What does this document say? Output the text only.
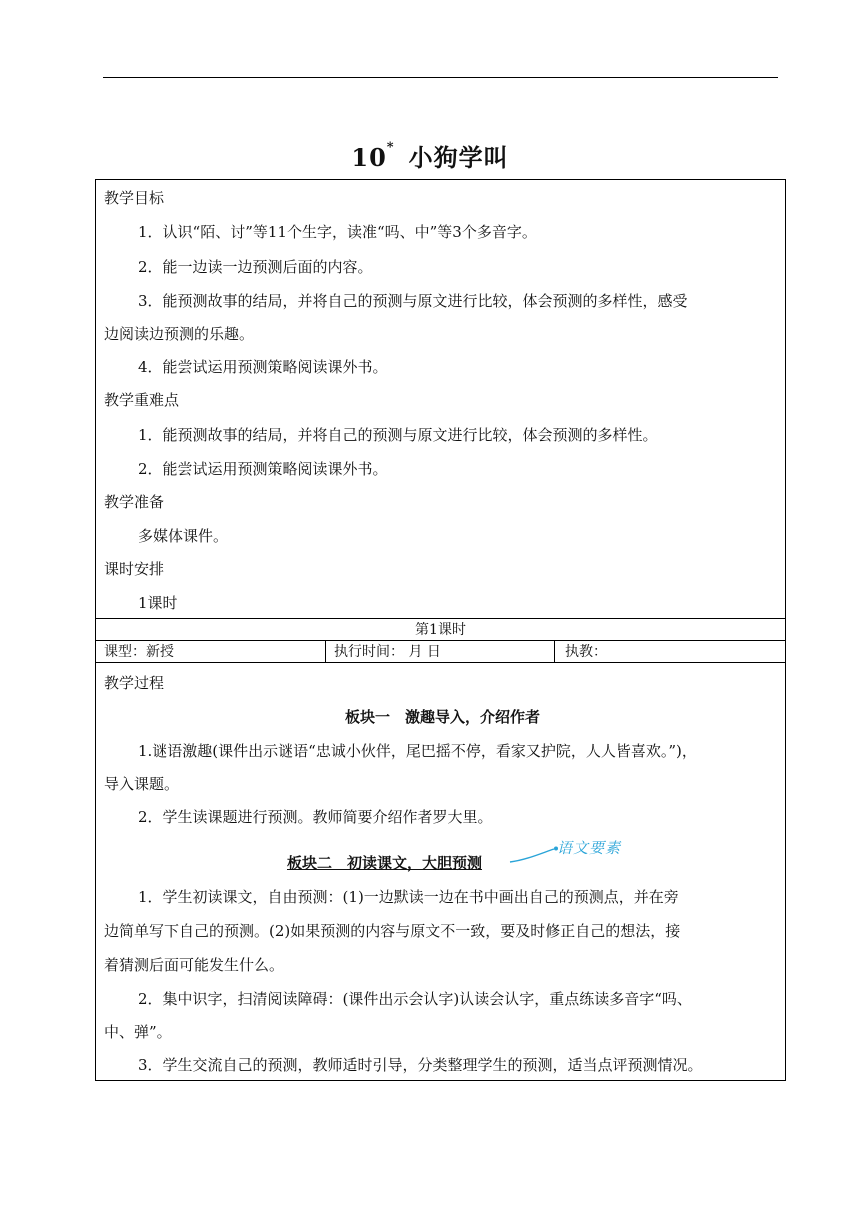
10* 小狗学叫
教学目标
1．认识“陌、讨”等11个生字，读准“吗、中”等3个多音字。
2．能一边读一边预测后面的内容。
3．能预测故事的结局，并将自己的预测与原文进行比较，体会预测的多样性，感受
边阅读边预测的乐趣。
4．能尝试运用预测策略阅读课外书。
教学重难点
1．能预测故事的结局，并将自己的预测与原文进行比较，体会预测的多样性。
2．能尝试运用预测策略阅读课外书。
教学准备
多媒体课件。
课时安排
1课时
第1课时
课型：新授	执行时间： 月 日	执教：
教学过程
板块一　激趣导入，介绍作者
1.谜语激趣(课件出示谜语“忠诚小伙伴，尾巴摇不停，看家又护院，人人皆喜欢。”)，
导入课题。
2．学生读课题进行预测。教师简要介绍作者罗大里。
板块二　初读课文，大胆预测
语文要素
1．学生初读课文，自由预测：(1)一边默读一边在书中画出自己的预测点，并在旁
边简单写下自己的预测。(2)如果预测的内容与原文不一致，要及时修正自己的想法，接
着猜测后面可能发生什么。
2．集中识字，扫清阅读障碍：(课件出示会认字)认读会认字，重点练读多音字“吗、
中、弹”。
3．学生交流自己的预测，教师适时引导，分类整理学生的预测，适当点评预测情况。
